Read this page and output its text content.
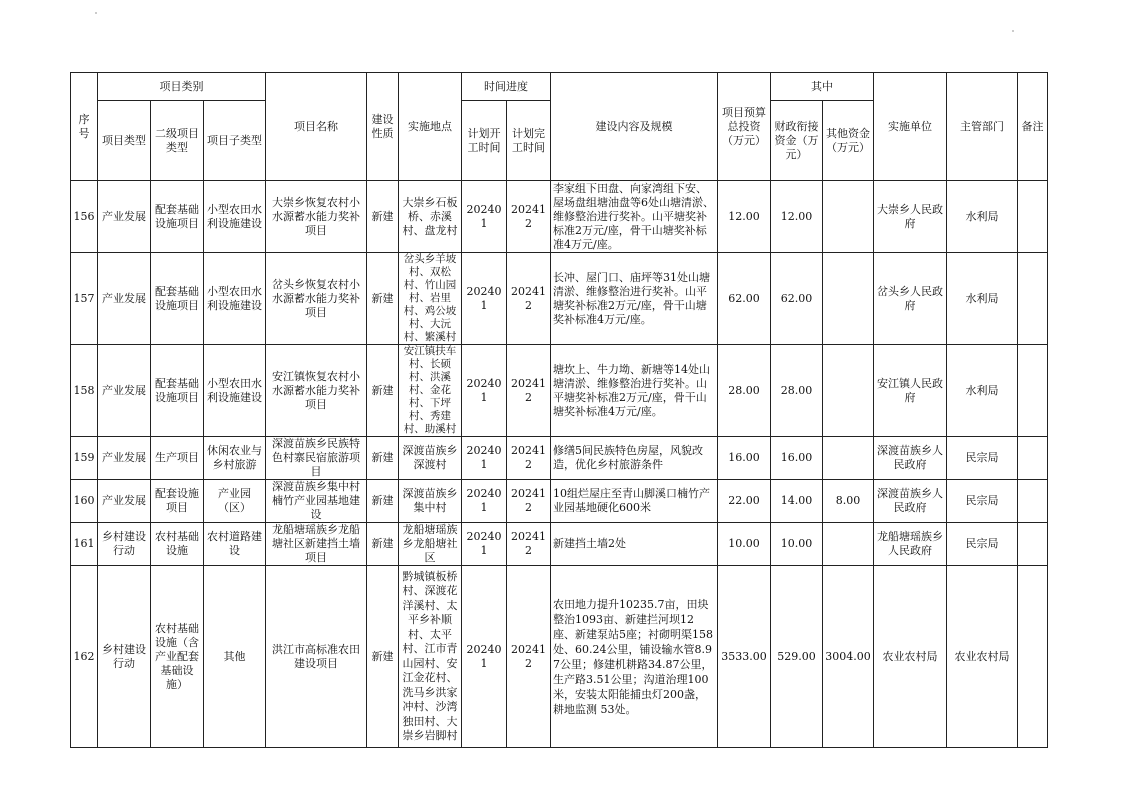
序号	项目类别			项目名称	建设性质	实施地点	时间进度		建设内容及规模	项目预算总投资（万元）	其中		实施单位	主管部门	备注
	项目类型	二级项目类型	项目子类型				计划开工时间	计划完工时间			财政衔接资金（万元）	其他资金（万元）			
156	产业发展	配套基础设施项目	小型农田水利设施建设	大崇乡恢复农村小水源蓄水能力奖补项目	新建	大崇乡石板桥、赤溪村、盘龙村	202401	202412	李家组下田盘、向家湾组下安、屋场盘组塘油盘等6处山塘清淤、维修整治进行奖补。山平塘奖补标准2万元/座，骨干山塘奖补标准4万元/座。	12.00	12.00		大崇乡人民政府	水利局	
157	产业发展	配套基础设施项目	小型农田水利设施建设	岔头乡恢复农村小水源蓄水能力奖补项目	新建	岔头乡羊坡村、双松村、竹山园村、岩里村、鸡公坡村、大沅村、繁溪村	202401	202412	长冲、屋门口、庙坪等31处山塘清淤、维修整治进行奖补。山平塘奖补标准2万元/座，骨干山塘奖补标准4万元/座。	62.00	62.00		岔头乡人民政府	水利局	
158	产业发展	配套基础设施项目	小型农田水利设施建设	安江镇恢复农村小水源蓄水能力奖补项目	新建	安江镇扶车村、长硕村、洪溪村、金花村、下坪村、秀建村、助溪村	202401	202412	塘坎上、牛力坳、新塘等14处山塘清淤、维修整治进行奖补。山平塘奖补标准2万元/座，骨干山塘奖补标准4万元/座。	28.00	28.00		安江镇人民政府	水利局	
159	产业发展	生产项目	休闲农业与乡村旅游	深渡苗族乡民族特色村寨民宿旅游项目	新建	深渡苗族乡深渡村	202401	202412	修缮5间民族特色房屋，风貌改造，优化乡村旅游条件	16.00	16.00		深渡苗族乡人民政府	民宗局	
160	产业发展	配套设施项目	产业园（区）	深渡苗族乡集中村楠竹产业园基地建设	新建	深渡苗族乡集中村	202401	202412	10组烂屋庄至青山脚溪口楠竹产业园基地硬化600米	22.00	14.00	8.00	深渡苗族乡人民政府	民宗局	
161	乡村建设行动	农村基础设施	农村道路建设	龙船塘瑶族乡龙船塘社区新建挡土墙项目	新建	龙船塘瑶族乡龙船塘社区	202401	202412	新建挡土墙2处	10.00	10.00		龙船塘瑶族乡人民政府	民宗局	
162	乡村建设行动	农村基础设施（含产业配套基础设施）	其他	洪江市高标准农田建设项目	新建	黔城镇板桥村、深渡花洋溪村、太平乡补顺村、太平村、江市青山园村、安江金花村、洗马乡洪家冲村、沙湾独田村、大崇乡岩脚村	202401	202412	农田地力提升10235.7亩，田块整治1093亩、新建拦河坝12座、新建泵站5座；衬砌明渠158处、60.24公里，铺设输水管8.97公里；修建机耕路34.87公里，生产路3.51公里；沟道治理100米，安装太阳能捕虫灯200盏，耕地监测 53处。	3533.00	529.00	3004.00	农业农村局	农业农村局	
